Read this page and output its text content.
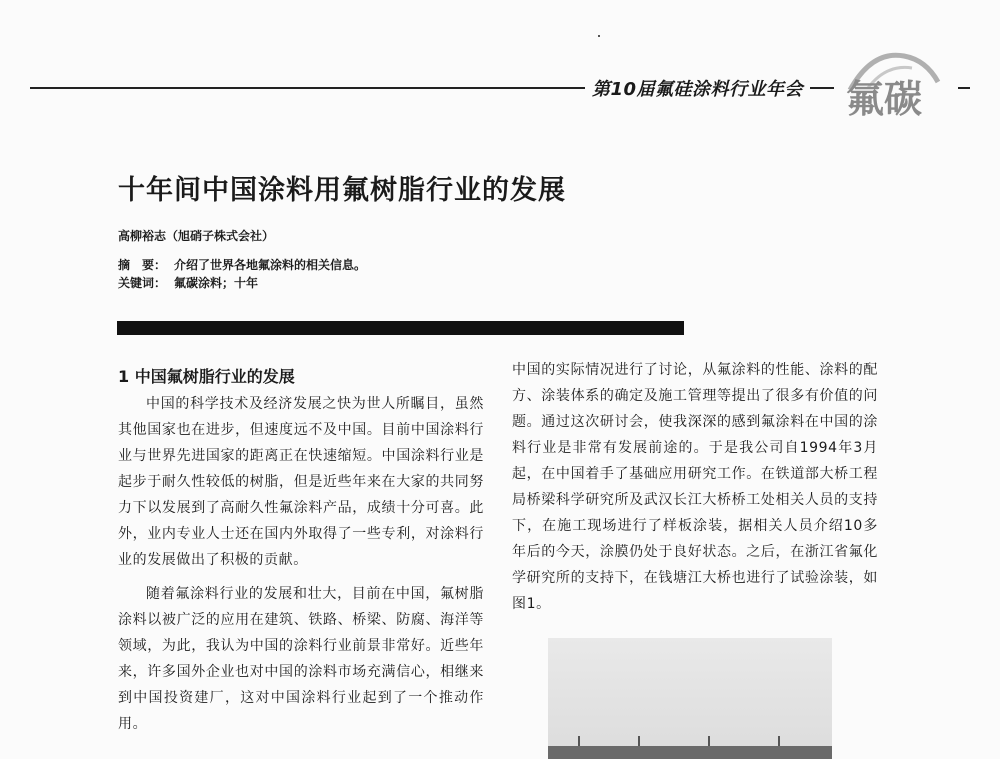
第10届氟硅涂料行业年会 氟碳
十年间中国涂料用氟树脂行业的发展
高柳裕志（旭硝子株式会社）
摘　要： 介绍了世界各地氟涂料的相关信息。
关键词： 氟碳涂料；十年
1 中国氟树脂行业的发展

中国的科学技术及经济发展之快为世人所瞩目，虽然其他国家也在进步，但速度远不及中国。目前中国涂料行业与世界先进国家的距离正在快速缩短。中国涂料行业是起步于耐久性较低的树脂，但是近些年来在大家的共同努力下以发展到了高耐久性氟涂料产品，成绩十分可喜。此外，业内专业人士还在国内外取得了一些专利，对涂料行业的发展做出了积极的贡献。

随着氟涂料行业的发展和壮大，目前在中国，氟树脂涂料以被广泛的应用在建筑、铁路、桥梁、防腐、海洋等领域，为此，我认为中国的涂料行业前景非常好。近些年来，许多国外企业也对中国的涂料市场充满信心，相继来到中国投资建厂，这对中国涂料行业起到了一个推动作用。

中国的实际情况进行了讨论，从氟涂料的性能、涂料的配方、涂装体系的确定及施工管理等提出了很多有价值的问题。通过这次研讨会，使我深深的感到氟涂料在中国的涂料行业是非常有发展前途的。于是我公司自1994年3月起，在中国着手了基础应用研究工作。在铁道部大桥工程局桥梁科学研究所及武汉长江大桥桥工处相关人员的支持下，在施工现场进行了样板涂装，据相关人员介绍10多年后的今天，涂膜仍处于良好状态。之后，在浙江省氟化学研究所的支持下，在钱塘江大桥也进行了试验涂装，如图1。
